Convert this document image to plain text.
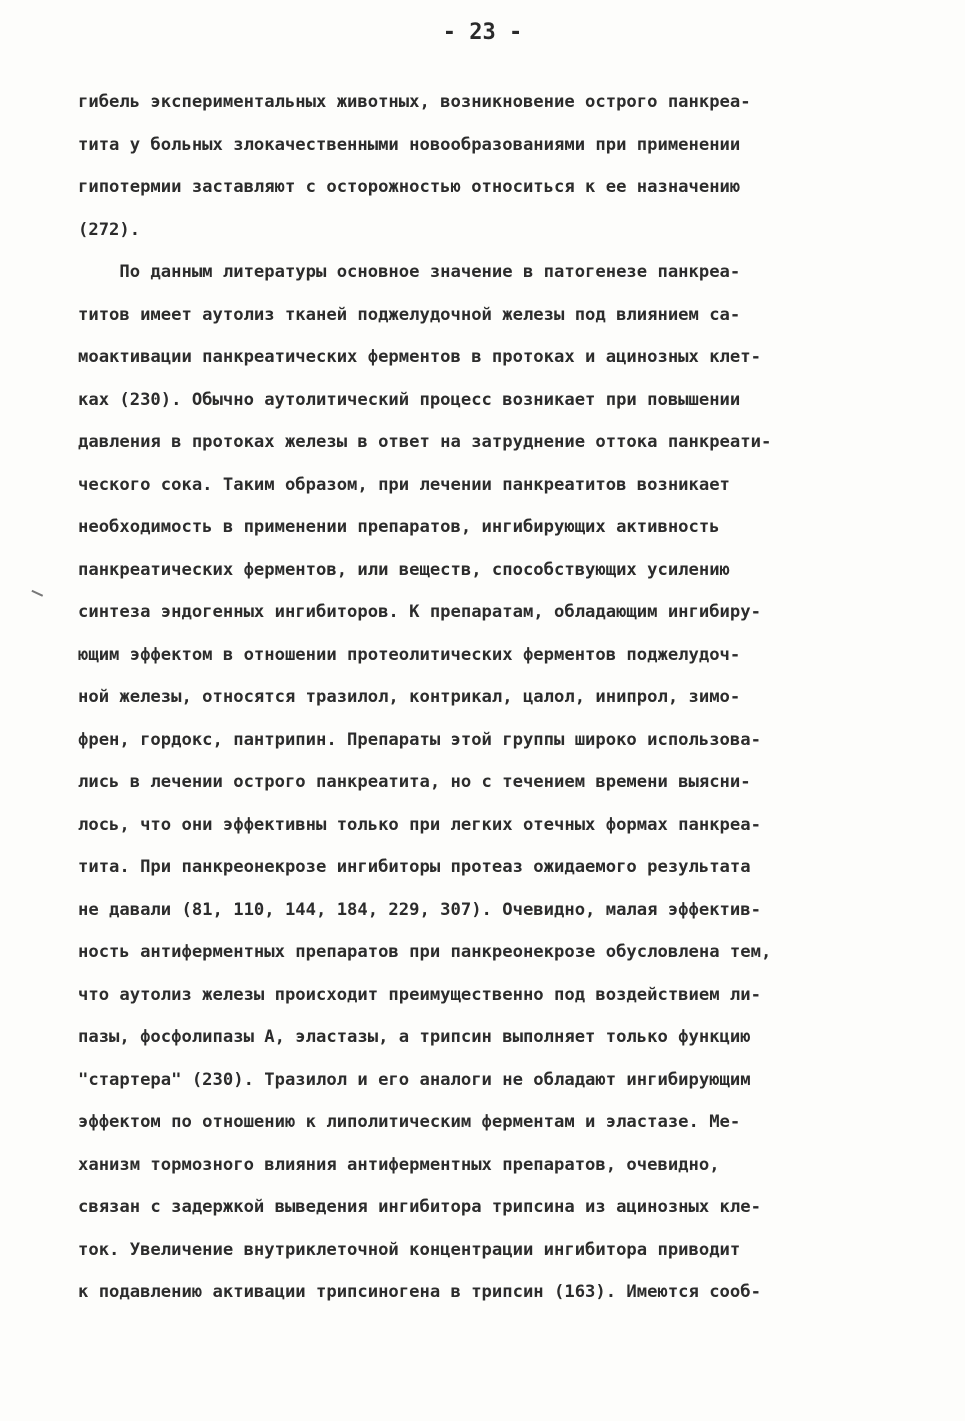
- 23 -
гибель экспериментальных животных, возникновение острого панкреа-
тита у больных злокачественными новообразованиями при применении
гипотермии заставляют с осторожностью относиться к ее назначению
(272).
По данным литературы основное значение в патогенезе панкреа-
титов имеет аутолиз тканей поджелудочной железы под влиянием са-
моактивации панкреатических ферментов в протоках и ацинозных клет-
ках (230). Обычно аутолитический процесс возникает при повышении
давления в протоках железы в ответ на затруднение оттока панкреати-
ческого сока. Таким образом, при лечении панкреатитов возникает
необходимость в применении препаратов, ингибирующих активность
панкреатических ферментов, или веществ, способствующих усилению
синтеза эндогенных ингибиторов. К препаратам, обладающим ингибиру-
ющим эффектом в отношении протеолитических ферментов поджелудоч-
ной железы, относятся тразилол, контрикал, цалол, инипрол, зимо-
френ, гордокс, пантрипин. Препараты этой группы широко использова-
лись в лечении острого панкреатита, но с течением времени выясни-
лось, что они эффективны только при легких отечных формах панкреа-
тита. При панкреонекрозе ингибиторы протеаз ожидаемого результата
не давали (81, 110, 144, 184, 229, 307). Очевидно, малая эффектив-
ность антиферментных препаратов при панкреонекрозе обусловлена тем,
что аутолиз железы происходит преимущественно под воздействием ли-
пазы, фосфолипазы А, эластазы, а трипсин выполняет только функцию
"стартера" (230). Тразилол и его аналоги не обладают ингибирующим
эффектом по отношению к липолитическим ферментам и эластазе. Ме-
ханизм тормозного влияния антиферментных препаратов, очевидно,
связан с задержкой выведения ингибитора трипсина из ацинозных кле-
ток. Увеличение внутриклеточной концентрации ингибитора приводит
к подавлению активации трипсиногена в трипсин (163). Имеются сооб-
